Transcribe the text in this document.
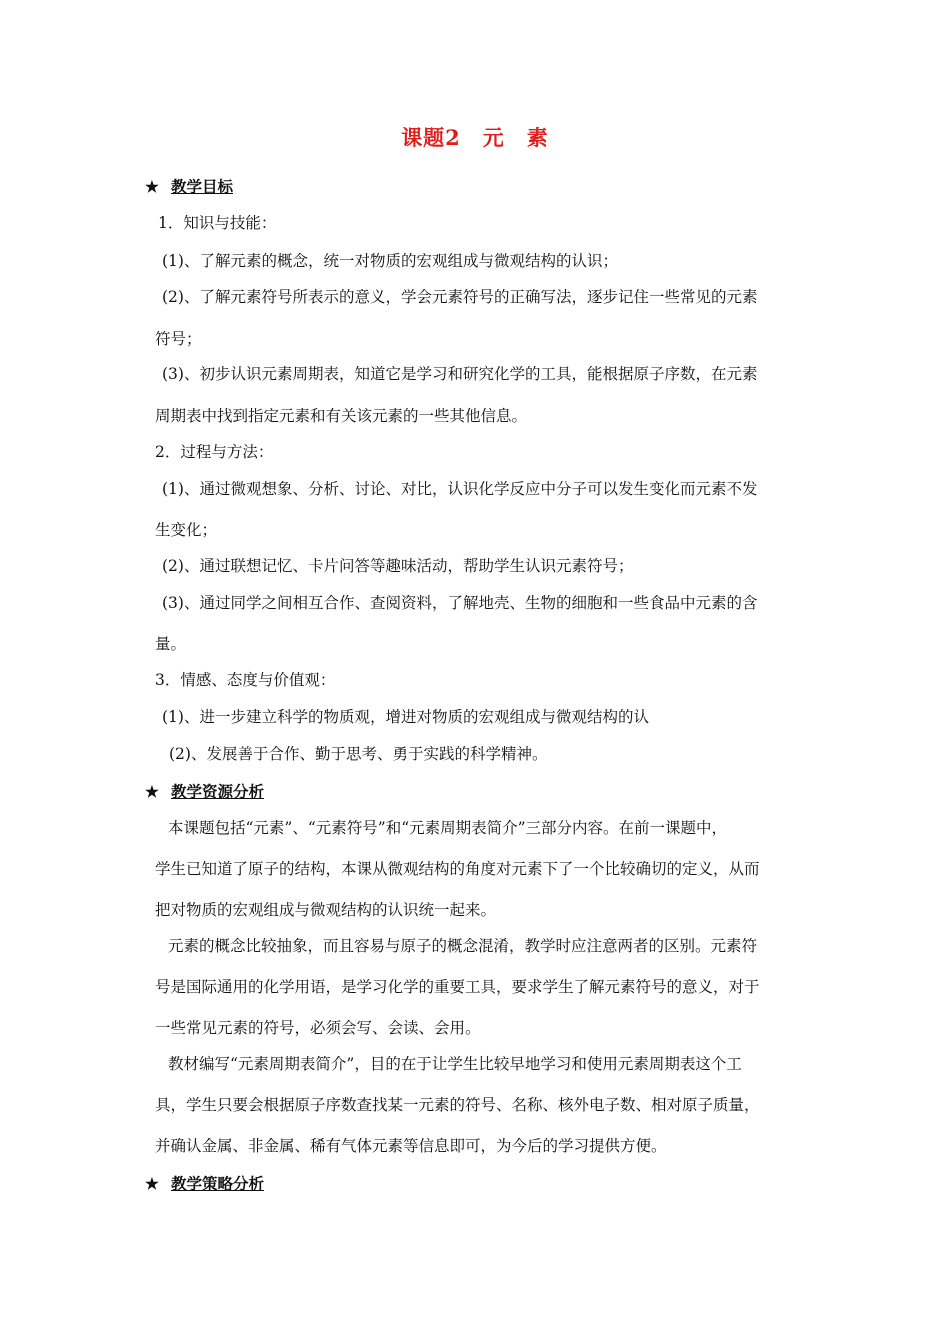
课题2　元　素
★ 教学目标
1．知识与技能：
(1)、了解元素的概念，统一对物质的宏观组成与微观结构的认识；
(2)、了解元素符号所表示的意义，学会元素符号的正确写法，逐步记住一些常见的元素
符号；
(3)、初步认识元素周期表，知道它是学习和研究化学的工具，能根据原子序数，在元素
周期表中找到指定元素和有关该元素的一些其他信息。
2．过程与方法：
(1)、通过微观想象、分析、讨论、对比，认识化学反应中分子可以发生变化而元素不发
生变化；
(2)、通过联想记忆、卡片问答等趣味活动，帮助学生认识元素符号；
(3)、通过同学之间相互合作、查阅资料，了解地壳、生物的细胞和一些食品中元素的含
量。
3．情感、态度与价值观：
(1)、进一步建立科学的物质观，增进对物质的宏观组成与微观结构的认
(2)、发展善于合作、勤于思考、勇于实践的科学精神。
★ 教学资源分析
本课题包括“元素”、“元素符号”和“元素周期表简介”三部分内容。在前一课题中，
学生已知道了原子的结构，本课从微观结构的角度对元素下了一个比较确切的定义，从而
把对物质的宏观组成与微观结构的认识统一起来。
元素的概念比较抽象，而且容易与原子的概念混淆，教学时应注意两者的区别。元素符
号是国际通用的化学用语，是学习化学的重要工具，要求学生了解元素符号的意义，对于
一些常见元素的符号，必须会写、会读、会用。
教材编写“元素周期表简介”，目的在于让学生比较早地学习和使用元素周期表这个工
具，学生只要会根据原子序数查找某一元素的符号、名称、核外电子数、相对原子质量，
并确认金属、非金属、稀有气体元素等信息即可，为今后的学习提供方便。
★ 教学策略分析
